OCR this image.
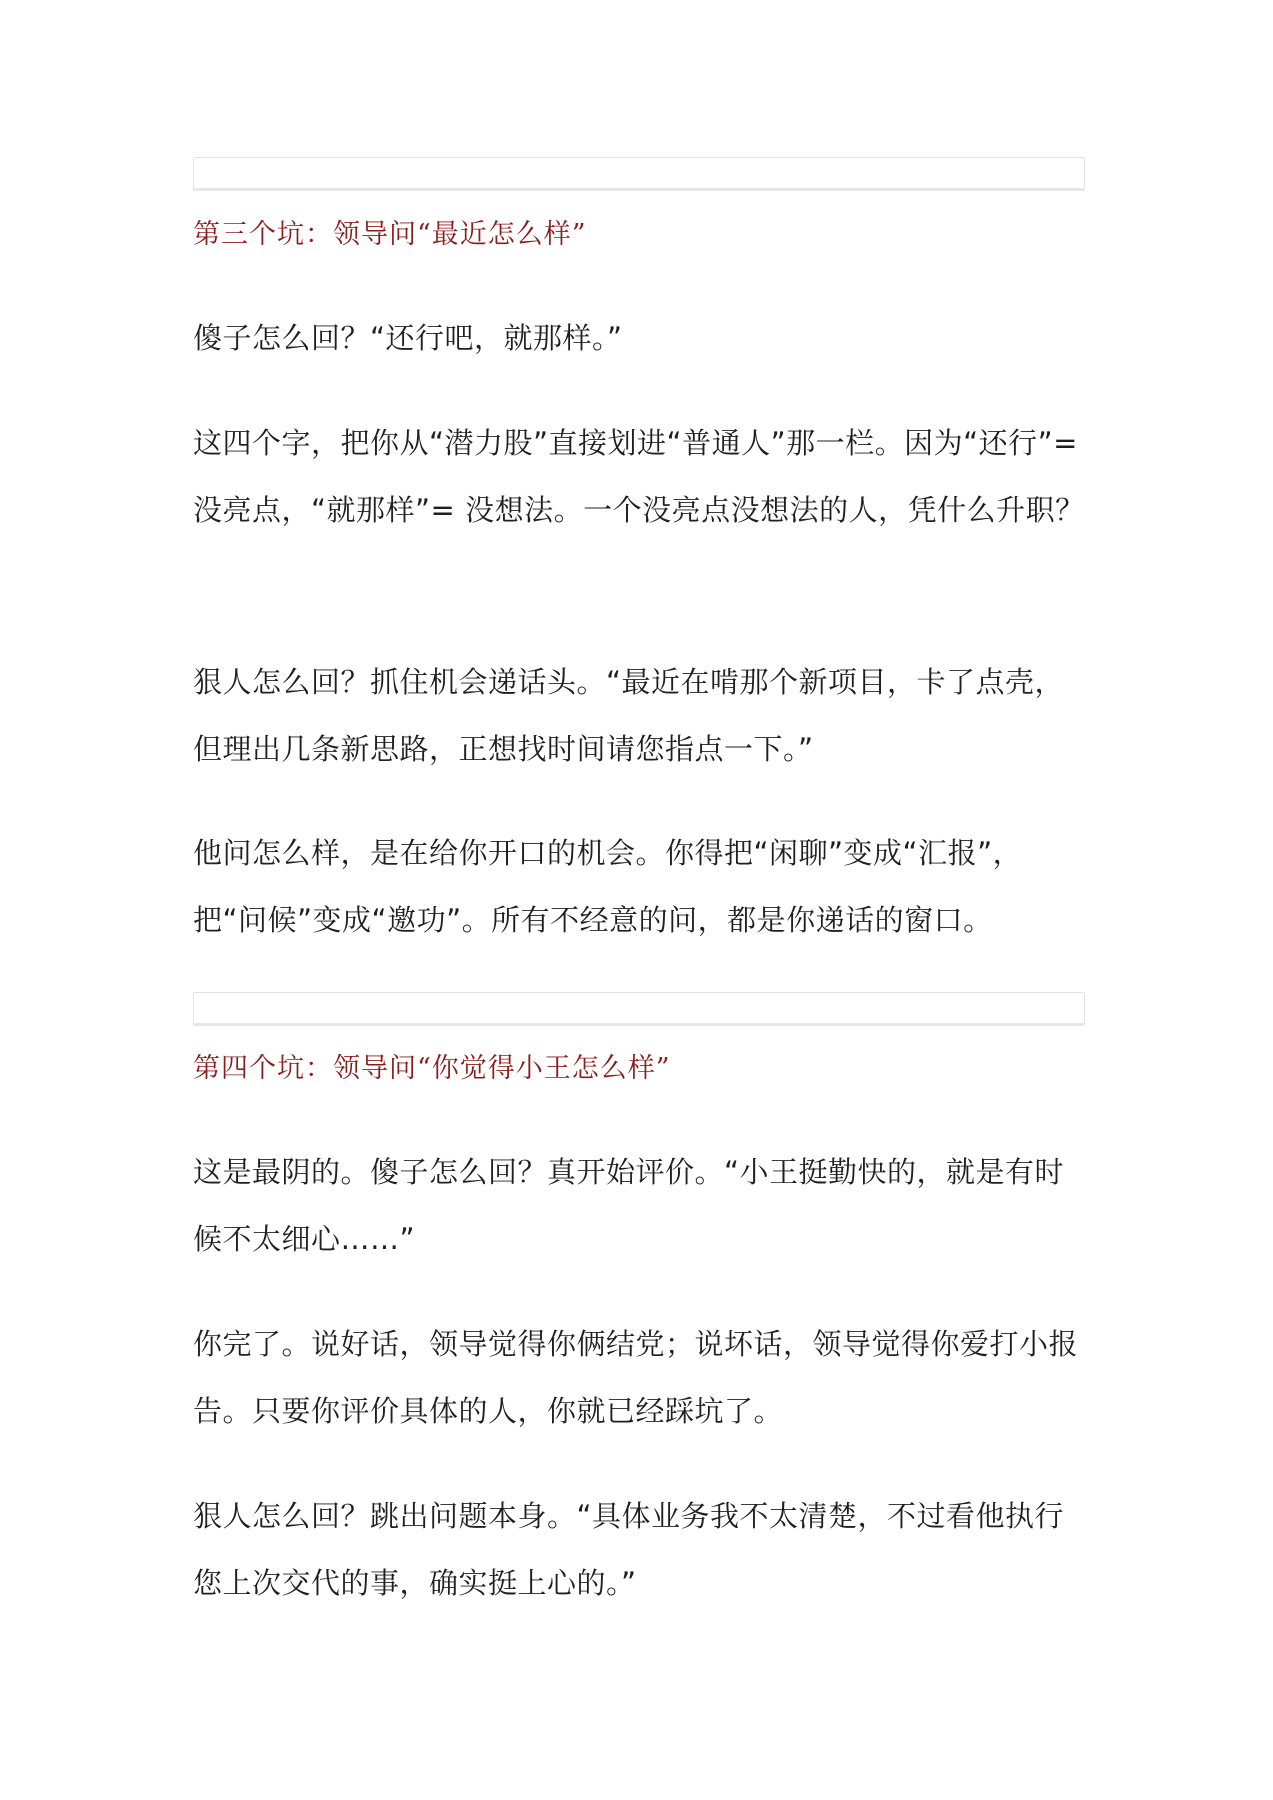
第三个坑：领导问“最近怎么样”

傻子怎么回？“还行吧，就那样。”

这四个字，把你从“潜力股”直接划进“普通人”那一栏。因为“还行”= 没亮点，“就那样”= 没想法。一个没亮点没想法的人，凭什么升职？

狠人怎么回？抓住机会递话头。“最近在啃那个新项目，卡了点壳，但理出几条新思路，正想找时间请您指点一下。”

他问怎么样，是在给你开口的机会。你得把“闲聊”变成“汇报”，把“问候”变成“邀功”。所有不经意的问，都是你递话的窗口。

第四个坑：领导问“你觉得小王怎么样”

这是最阴的。傻子怎么回？真开始评价。“小王挺勤快的，就是有时候不太细心……”

你完了。说好话，领导觉得你俩结党；说坏话，领导觉得你爱打小报告。只要你评价具体的人，你就已经踩坑了。

狠人怎么回？跳出问题本身。“具体业务我不太清楚，不过看他执行您上次交代的事，确实挺上心的。”
